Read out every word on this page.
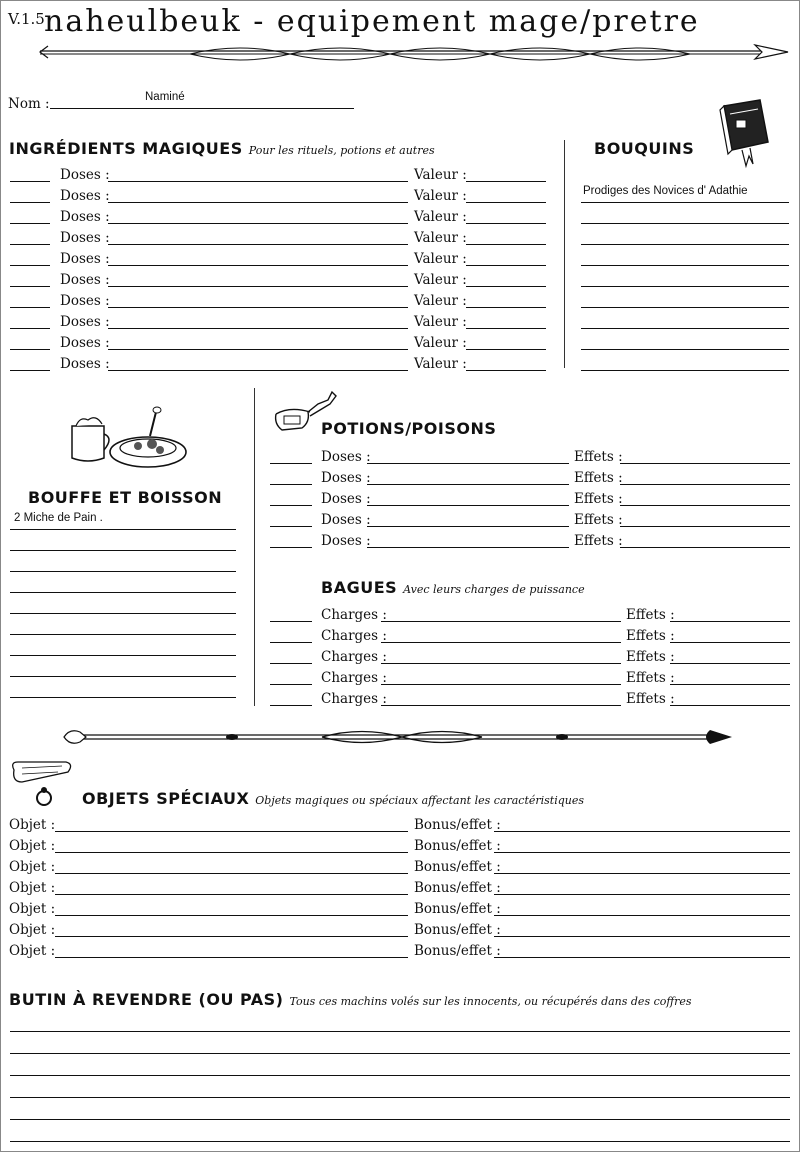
V.1.5 naheulbeuk - equipement mage/pretre
Nom :	Naminé
INGRÉDIENTS MAGIQUES Pour les rituels, potions et autres
Doses :	Valeur :
Doses :	Valeur :
Doses :	Valeur :
Doses :	Valeur :
Doses :	Valeur :
Doses :	Valeur :
Doses :	Valeur :
Doses :	Valeur :
Doses :	Valeur :
Doses :	Valeur :
BOUQUINS
Prodiges des Novices d' Adathie
BOUFFE ET BOISSON
2 Miche de Pain .
POTIONS/POISONS
Doses :	Effets :
Doses :	Effets :
Doses :	Effets :
Doses :	Effets :
Doses :	Effets :
BAGUES Avec leurs charges de puissance
Charges :	Effets :
Charges :	Effets :
Charges :	Effets :
Charges :	Effets :
Charges :	Effets :
OBJETS SPÉCIAUX Objets magiques ou spéciaux affectant les caractéristiques
Objet :	Bonus/effet :
Objet :	Bonus/effet :
Objet :	Bonus/effet :
Objet :	Bonus/effet :
Objet :	Bonus/effet :
Objet :	Bonus/effet :
Objet :	Bonus/effet :
BUTIN À REVENDRE (OU PAS) Tous ces machins volés sur les innocents, ou récupérés dans des coffres
